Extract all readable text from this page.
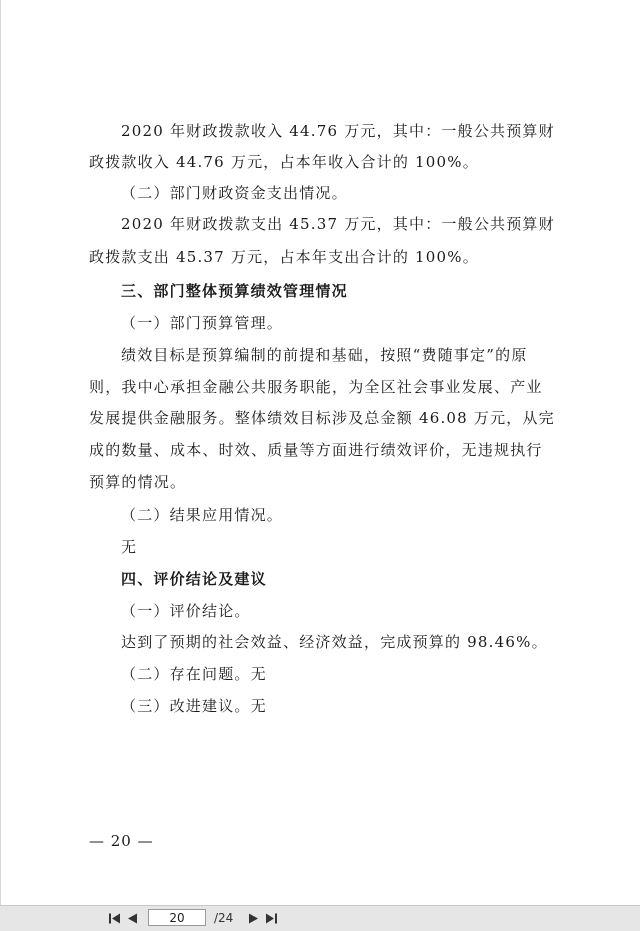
2020 年财政拨款收入 44.76 万元，其中：一般公共预算财
政拨款收入 44.76 万元，占本年收入合计的 100%。
（二）部门财政资金支出情况。
2020 年财政拨款支出 45.37 万元，其中：一般公共预算财
政拨款支出 45.37 万元，占本年支出合计的 100%。
三、部门整体预算绩效管理情况
（一）部门预算管理。
绩效目标是预算编制的前提和基础，按照“费随事定”的原
则，我中心承担金融公共服务职能，为全区社会事业发展、产业
发展提供金融服务。整体绩效目标涉及总金额 46.08 万元，从完
成的数量、成本、时效、质量等方面进行绩效评价，无违规执行
预算的情况。
（二）结果应用情况。
无
四、评价结论及建议
（一）评价结论。
达到了预期的社会效益、经济效益，完成预算的 98.46%。
（二）存在问题。无
（三）改进建议。无
— 20 —
20
/24
